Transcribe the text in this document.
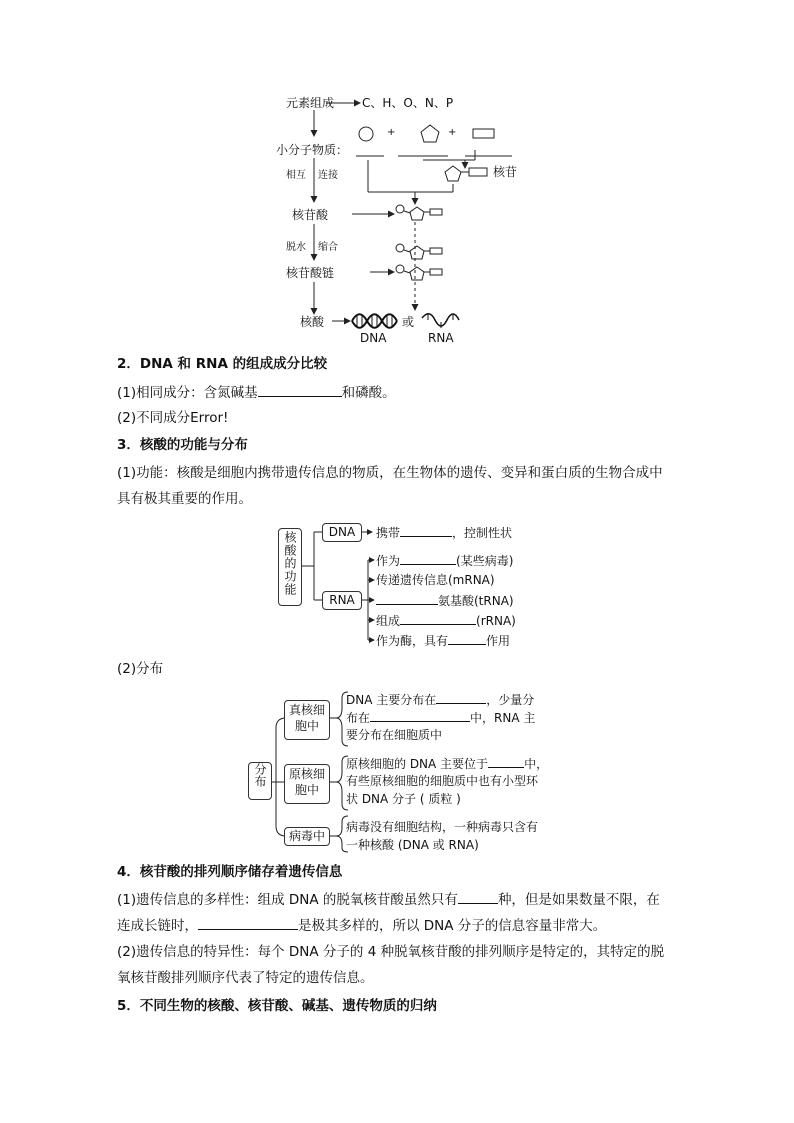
元素组成 C、H、O、N、P
+	+
小分子物质：
核苷
相互 连接
核苷酸
脱水 缩合
核苷酸链
核酸	或
DNA	RNA
2．DNA 和 RNA 的组成成分比较
(1)相同成分：含氮碱基	和磷酸。
(2)不同成分Error!
3．核酸的功能与分布
(1)功能：核酸是细胞内携带遗传信息的物质，在生物体的遗传、变异和蛋白质的生物合成中
具有极其重要的作用。
核酸的功能	DNA
RNA
携带	，控制性状
作为	(某些病毒)
传递遗传信息(mRNA)
氨基酸(tRNA)
组成	(rRNA)
作为酶，具有	作用
(2)分布
分布
真核细胞中
原核细胞中
病毒中
DNA 主要分布在	，少量分
布在	中，RNA 主
要分布在细胞质中
原核细胞的 DNA 主要位于	中，
有些原核细胞的细胞质中也有小型环
状 DNA 分子 ( 质粒 )
病毒没有细胞结构，一种病毒只含有
一种核酸 (DNA 或 RNA)
4．核苷酸的排列顺序储存着遗传信息
(1)遗传信息的多样性：组成 DNA 的脱氧核苷酸虽然只有	种，但是如果数量不限，在
连成长链时，	是极其多样的，所以 DNA 分子的信息容量非常大。
(2)遗传信息的特异性：每个 DNA 分子的 4 种脱氧核苷酸的排列顺序是特定的，其特定的脱
氧核苷酸排列顺序代表了特定的遗传信息。
5．不同生物的核酸、核苷酸、碱基、遗传物质的归纳
